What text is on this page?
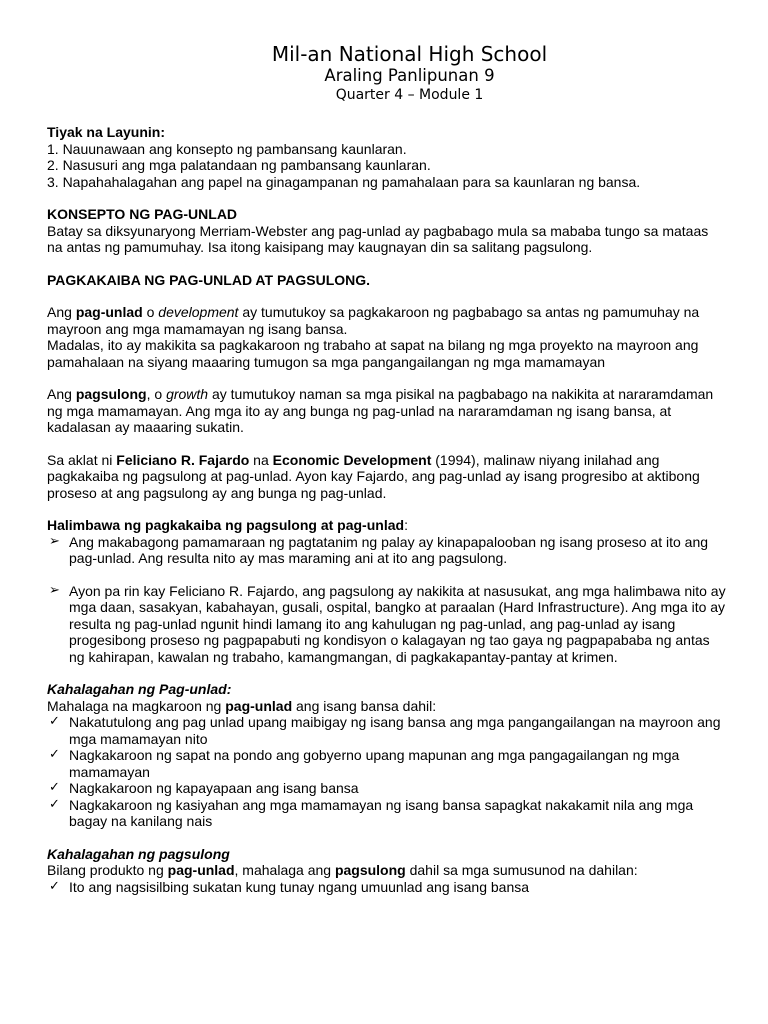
Mil-an National High School
Araling Panlipunan 9
Quarter 4 – Module 1
Tiyak na Layunin:

1. Nauunawaan ang konsepto ng pambansang kaunlaran.

2. Nasusuri ang mga palatandaan ng pambansang kaunlaran.

3. Napahahalagahan ang papel na ginagampanan ng pamahalaan para sa kaunlaran ng bansa.

KONSEPTO NG PAG-UNLAD

Batay sa diksyunaryong Merriam-Webster ang pag-unlad ay pagbabago mula sa mababa tungo sa mataas na antas ng pamumuhay. Isa itong kaisipang may kaugnayan din sa salitang pagsulong.

PAGKAKAIBA NG PAG-UNLAD AT PAGSULONG.

Ang pag-unlad o development ay tumutukoy sa pagkakaroon ng pagbabago sa antas ng pamumuhay na mayroon ang mga mamamayan ng isang bansa.

Madalas, ito ay makikita sa pagkakaroon ng trabaho at sapat na bilang ng mga proyekto na mayroon ang pamahalaan na siyang maaaring tumugon sa mga pangangailangan ng mga mamamayan

Ang pagsulong, o growth ay tumutukoy naman sa mga pisikal na pagbabago na nakikita at nararamdaman ng mga mamamayan. Ang mga ito ay ang bunga ng pag-unlad na nararamdaman ng isang bansa, at kadalasan ay maaaring sukatin.

Sa aklat ni Feliciano R. Fajardo na Economic Development (1994), malinaw niyang inilahad ang pagkakaiba ng pagsulong at pag-unlad. Ayon kay Fajardo, ang pag-unlad ay isang progresibo at aktibong proseso at ang pagsulong ay ang bunga ng pag-unlad.

Halimbawa ng pagkakaiba ng pagsulong at pag-unlad:
➢ Ang makabagong pamamaraan ng pagtatanim ng palay ay kinapapalooban ng isang proseso at ito ang pag-unlad. Ang resulta nito ay mas maraming ani at ito ang pagsulong.
➢ Ayon pa rin kay Feliciano R. Fajardo, ang pagsulong ay nakikita at nasusukat, ang mga halimbawa nito ay mga daan, sasakyan, kabahayan, gusali, ospital, bangko at paraalan (Hard Infrastructure). Ang mga ito ay resulta ng pag-unlad ngunit hindi lamang ito ang kahulugan ng pag-unlad, ang pag-unlad ay isang progesibong proseso ng pagpapabuti ng kondisyon o kalagayan ng tao gaya ng pagpapababa ng antas ng kahirapan, kawalan ng trabaho, kamangmangan, di pagkakapantay-pantay at krimen.
Kahalagahan ng Pag-unlad:

Mahalaga na magkaroon ng pag-unlad ang isang bansa dahil:

✓ Nakatutulong ang pag unlad upang maibigay ng isang bansa ang mga pangangailangan na mayroon ang mga mamamayan nito
✓ Nagkakaroon ng sapat na pondo ang gobyerno upang mapunan ang mga pangagailangan ng mga mamamayan
✓ Nagkakaroon ng kapayapaan ang isang bansa
✓ Nagkakaroon ng kasiyahan ang mga mamamayan ng isang bansa sapagkat nakakamit nila ang mga bagay na kanilang nais
Kahalagahan ng pagsulong

Bilang produkto ng pag-unlad, mahalaga ang pagsulong dahil sa mga sumusunod na dahilan:

✓ Ito ang nagsisilbing sukatan kung tunay ngang umuunlad ang isang bansa
